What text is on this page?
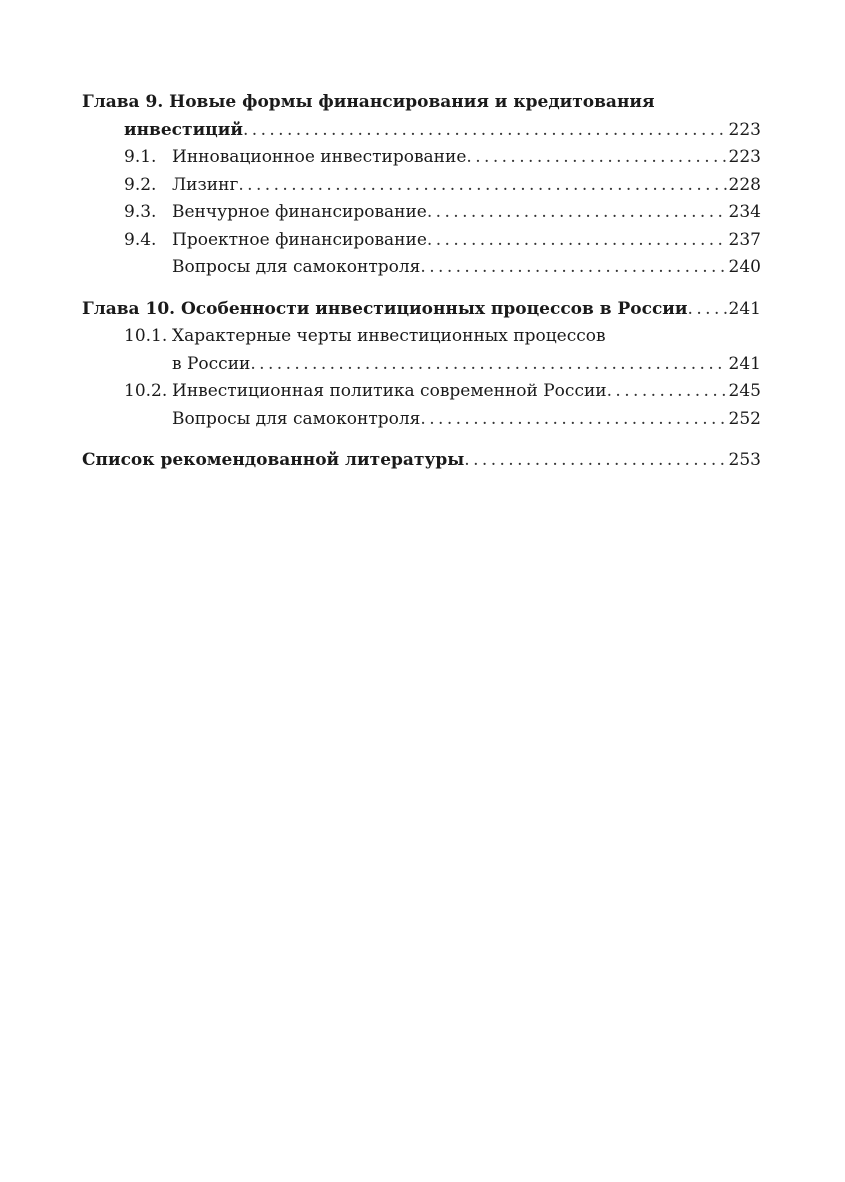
Глава 9. Новые формы финансирования и кредитования
инвестиций . . .	223
9.1. Инновационное инвестирование . . .	223
9.2. Лизинг . . .	228
9.3. Венчурное финансирование . . .	234
9.4. Проектное финансирование . . .	237
Вопросы для самоконтроля . . .	240
Глава 10. Особенности инвестиционных процессов в России . . . 241
10.1. Характерные черты инвестиционных процессов
в России . . .	241
10.2. Инвестиционная политика современной России . . .	245
Вопросы для самоконтроля . . .	252
Список рекомендованной литературы . . .	253
